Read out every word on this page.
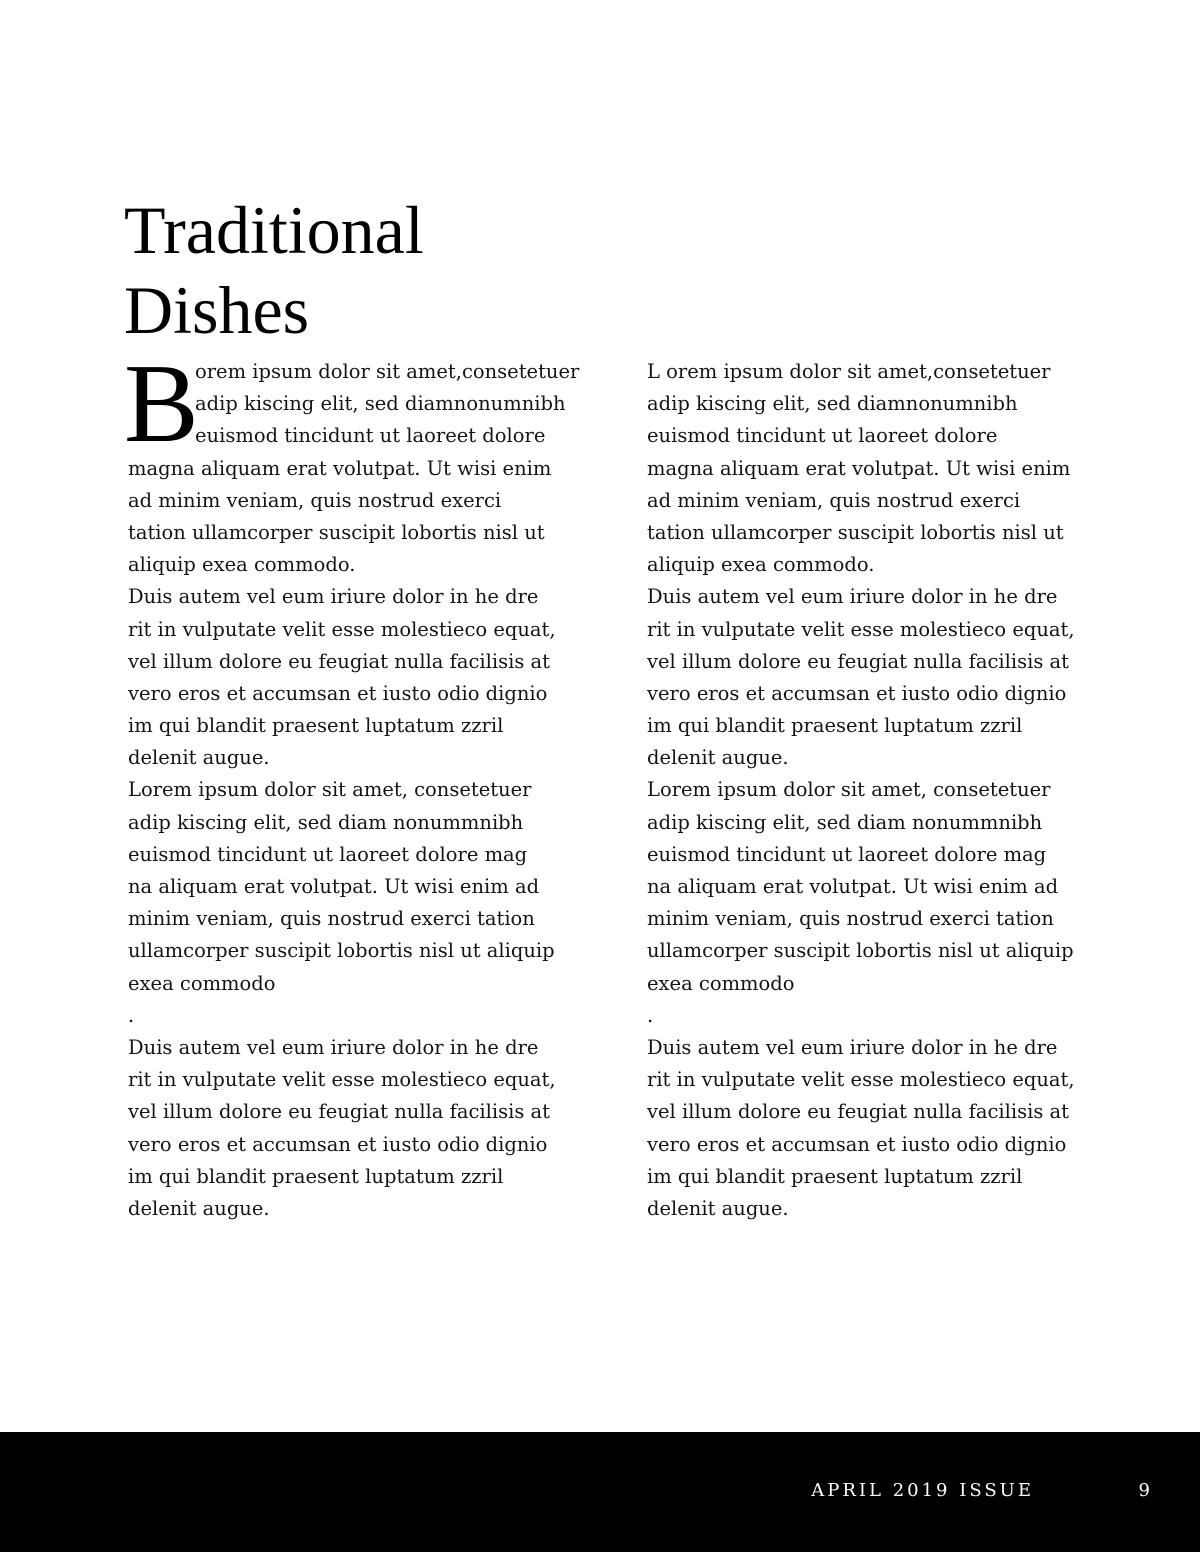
Traditional
Dishes
B
orem ipsum dolor sit amet,consetetuer
adip kiscing elit, sed diamnonumnibh
euismod tincidunt ut laoreet dolore
magna aliquam erat volutpat. Ut wisi enim
ad minim veniam, quis nostrud exerci
tation ullamcorper suscipit lobortis nisl ut
aliquip exea commodo.
Duis autem vel eum iriure dolor in he dre
rit in vulputate velit esse molestieco equat,
vel illum dolore eu feugiat nulla facilisis at
vero eros et accumsan et iusto odio dignio
im qui blandit praesent luptatum zzril
delenit augue.
Lorem ipsum dolor sit amet, consetetuer
adip kiscing elit, sed diam nonummnibh
euismod tincidunt ut laoreet dolore mag
na aliquam erat volutpat. Ut wisi enim ad
minim veniam, quis nostrud exerci tation
ullamcorper suscipit lobortis nisl ut aliquip
exea commodo
.
Duis autem vel eum iriure dolor in he dre
rit in vulputate velit esse molestieco equat,
vel illum dolore eu feugiat nulla facilisis at
vero eros et accumsan et iusto odio dignio
im qui blandit praesent luptatum zzril
delenit augue.
L orem ipsum dolor sit amet,consetetuer
adip kiscing elit, sed diamnonumnibh
euismod tincidunt ut laoreet dolore
magna aliquam erat volutpat. Ut wisi enim
ad minim veniam, quis nostrud exerci
tation ullamcorper suscipit lobortis nisl ut
aliquip exea commodo.
Duis autem vel eum iriure dolor in he dre
rit in vulputate velit esse molestieco equat,
vel illum dolore eu feugiat nulla facilisis at
vero eros et accumsan et iusto odio dignio
im qui blandit praesent luptatum zzril
delenit augue.
Lorem ipsum dolor sit amet, consetetuer
adip kiscing elit, sed diam nonummnibh
euismod tincidunt ut laoreet dolore mag
na aliquam erat volutpat. Ut wisi enim ad
minim veniam, quis nostrud exerci tation
ullamcorper suscipit lobortis nisl ut aliquip
exea commodo
.
Duis autem vel eum iriure dolor in he dre
rit in vulputate velit esse molestieco equat,
vel illum dolore eu feugiat nulla facilisis at
vero eros et accumsan et iusto odio dignio
im qui blandit praesent luptatum zzril
delenit augue.
APRIL 2019 ISSUE	9
